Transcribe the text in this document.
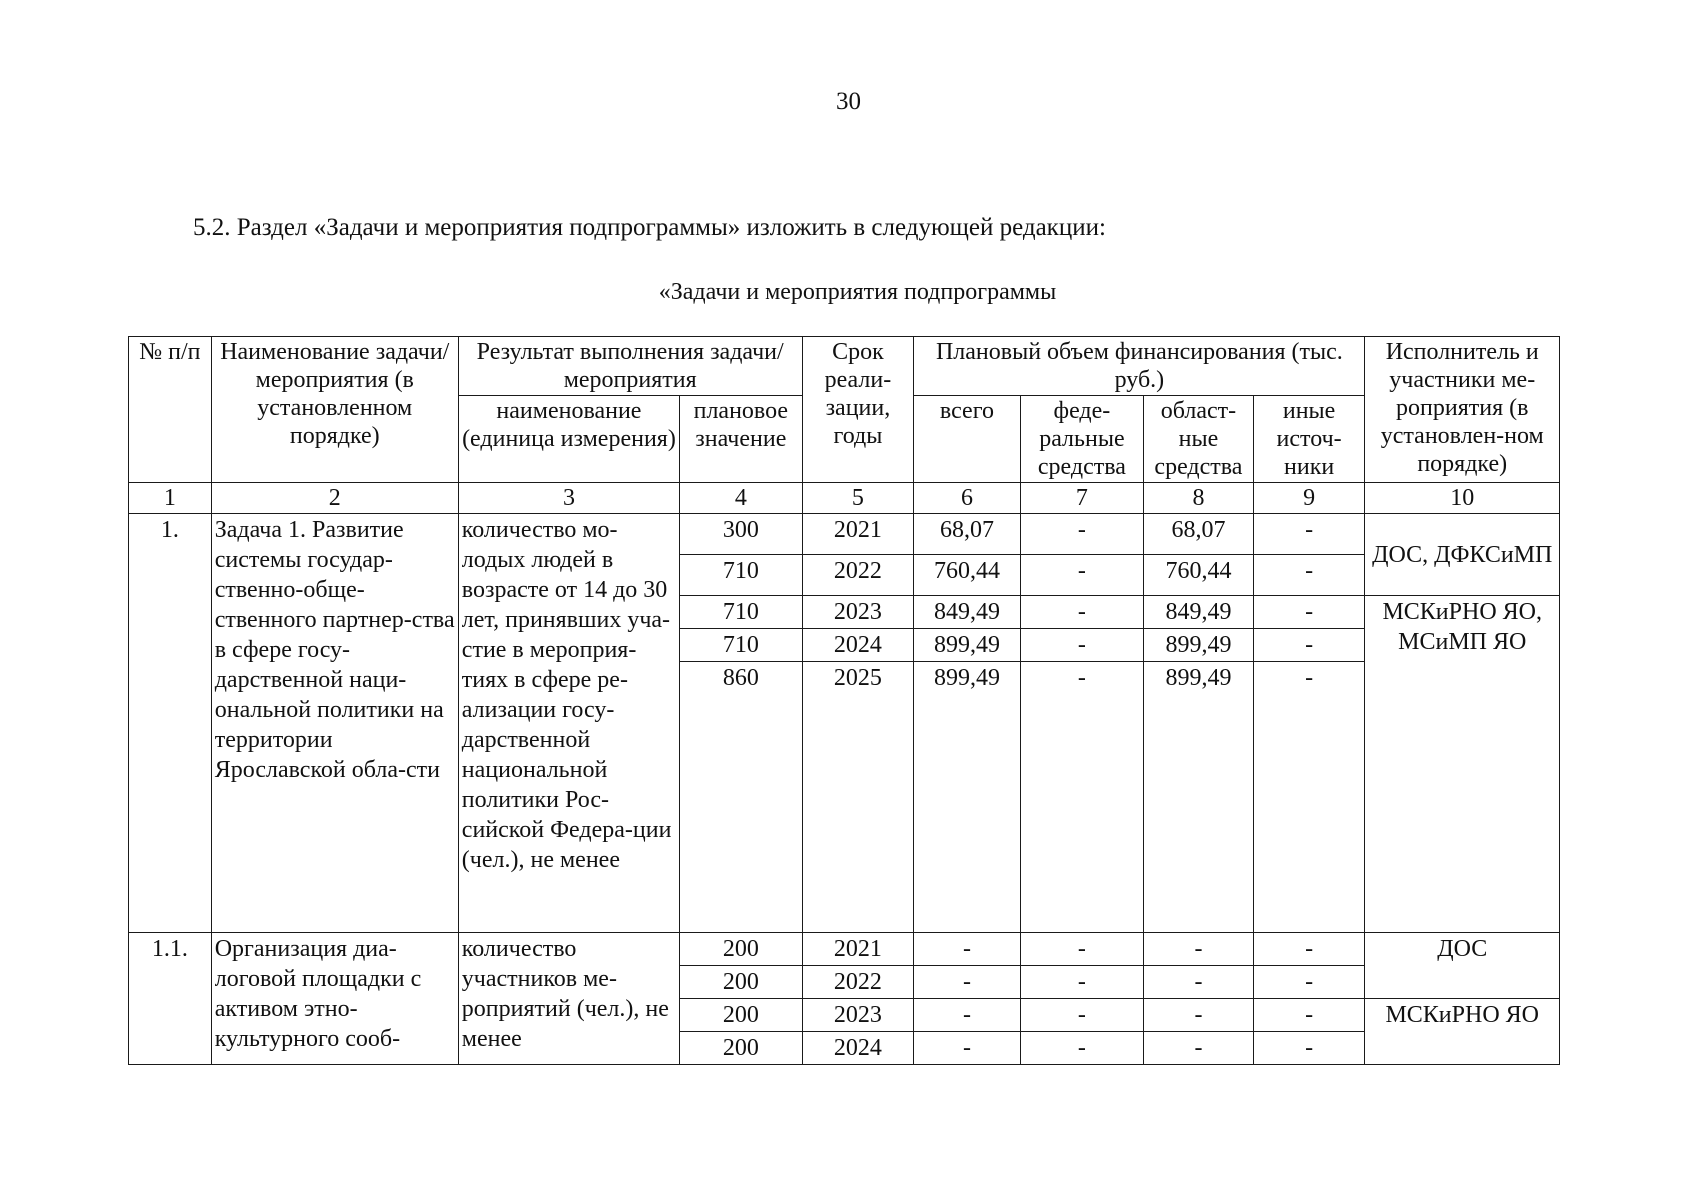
30
5.2. Раздел «Задачи и мероприятия подпрограммы» изложить в следующей редакции:
«Задачи и мероприятия подпрограммы
№ п/п	Наименование задачи/мероприятия (в установленном порядке)	Результат выполнения задачи/мероприятия		Срок реали-зации, годы	Плановый объем финансирования (тыс. руб.)				Исполнитель и участники ме-роприятия (в установлен-ном порядке)
		наименование (единица измерения)	плановое значение		всего	феде-ральные средства	област-ные средства	иные источ-ники	
1	2	3	4	5	6	7	8	9	10
1.	Задача 1. Развитие системы государ-ственно-обще-ственного партнер-ства в сфере госу-дарственной наци-ональной политики на территории Ярославской обла-сти	количество мо-лодых людей в возрасте от 14 до 30 лет, принявших уча-стие в мероприя-тиях в сфере ре-ализации госу-дарственной национальной политики Рос-сийской Федера-ции (чел.), не менее	300	2021	68,07	-	68,07	-	ДОС, ДФКСиМП
			710	2022	760,44	-	760,44	-	
			710	2023	849,49	-	849,49	-	МСКиРНО ЯО, МСиМП ЯО
			710	2024	899,49	-	899,49	-	
			860	2025	899,49	-	899,49	-	
1.1.	Организация диа-логовой площадки с активом этно-культурного сооб-	количество участников ме-роприятий (чел.), не менее	200	2021	-	-	-	-	ДОС
			200	2022	-	-	-	-	
			200	2023	-	-	-	-	МСКиРНО ЯО
			200	2024	-	-	-	-	
